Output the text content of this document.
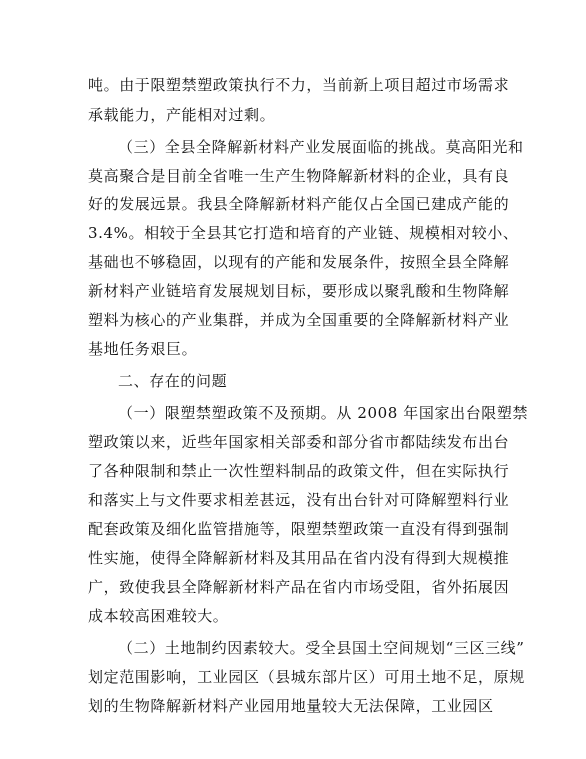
吨。由于限塑禁塑政策执行不力，当前新上项目超过市场需求
承载能力，产能相对过剩。
（三）全县全降解新材料产业发展面临的挑战。莫高阳光和
莫高聚合是目前全省唯一生产生物降解新材料的企业，具有良
好的发展远景。我县全降解新材料产能仅占全国已建成产能的
3.4%。相较于全县其它打造和培育的产业链、规模相对较小、
基础也不够稳固，以现有的产能和发展条件，按照全县全降解
新材料产业链培育发展规划目标，要形成以聚乳酸和生物降解
塑料为核心的产业集群，并成为全国重要的全降解新材料产业
基地任务艰巨。
二、存在的问题
（一）限塑禁塑政策不及预期。从 2008 年国家出台限塑禁
塑政策以来，近些年国家相关部委和部分省市都陆续发布出台
了各种限制和禁止一次性塑料制品的政策文件，但在实际执行
和落实上与文件要求相差甚远，没有出台针对可降解塑料行业
配套政策及细化监管措施等，限塑禁塑政策一直没有得到强制
性实施，使得全降解新材料及其用品在省内没有得到大规模推
广，致使我县全降解新材料产品在省内市场受阻，省外拓展因
成本较高困难较大。
（二）土地制约因素较大。受全县国土空间规划“三区三线”
划定范围影响，工业园区（县城东部片区）可用土地不足，原规
划的生物降解新材料产业园用地量较大无法保障，工业园区
